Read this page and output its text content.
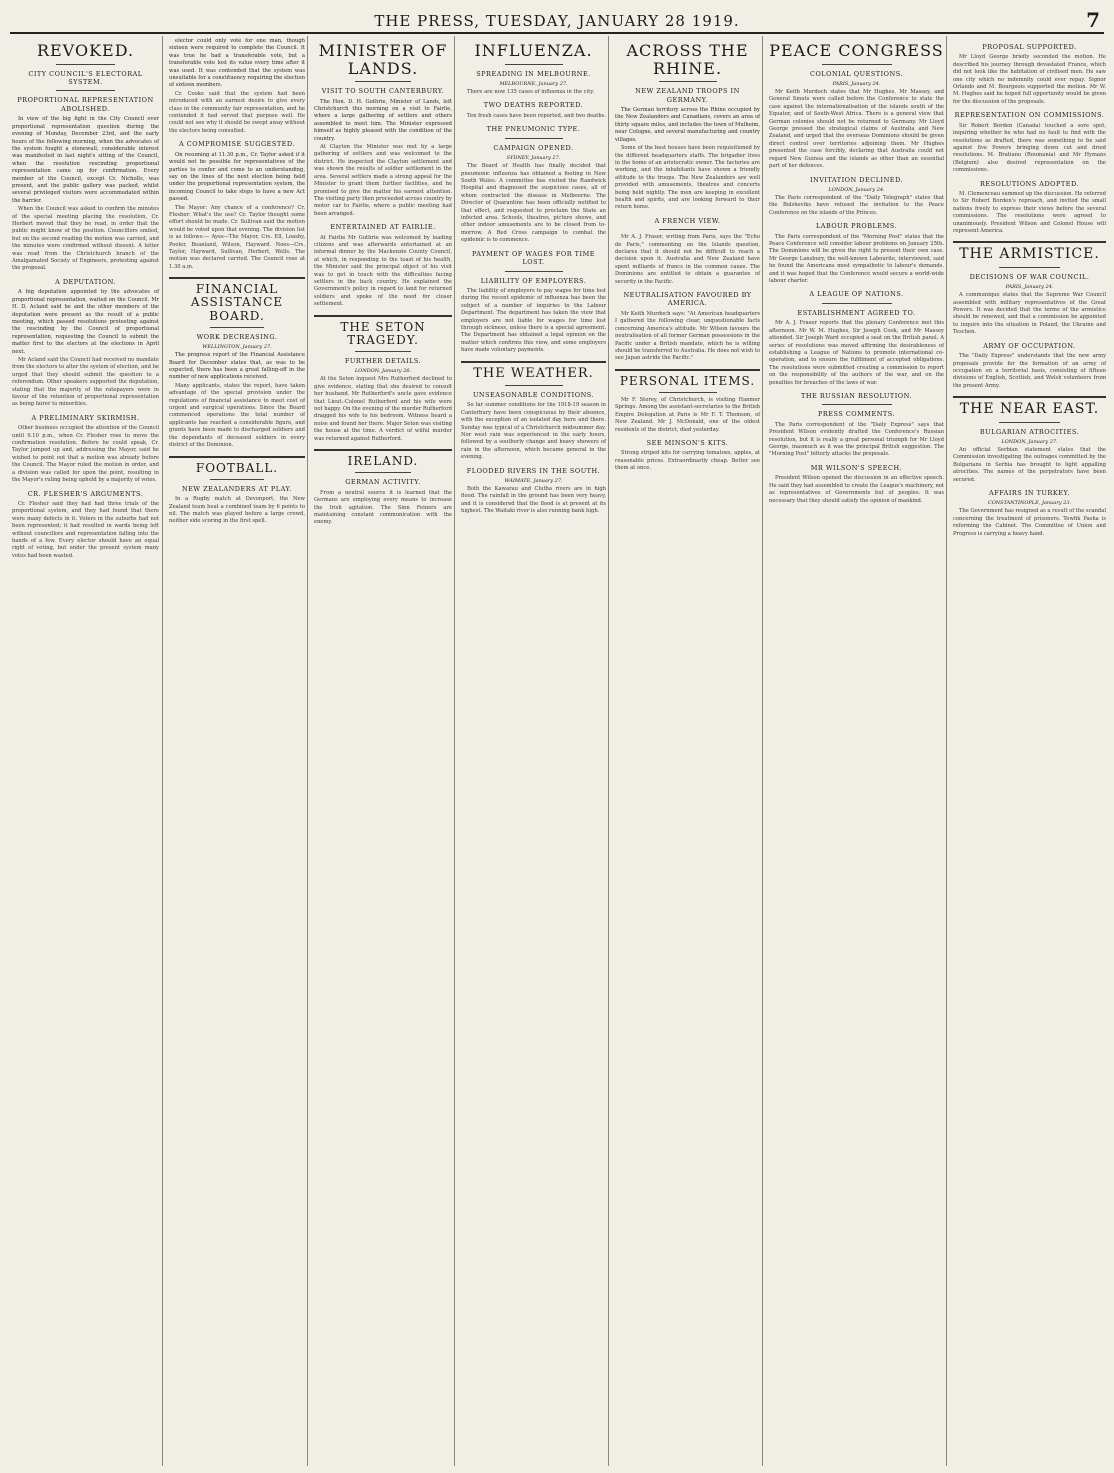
THE PRESS, TUESDAY, JANUARY 28 1919.	7
REVOKED.
CITY COUNCIL'S ELECTORAL SYSTEM.
PROPORTIONAL REPRESENTATION ABOLISHED.

In view of the big fight in the City Council over proportional representation question during the evening of Monday, December 23rd, and the early hours of the following morning, when the advocates of the system fought a stonewall, considerable interest was manifested in last night's sitting of the Council, when the resolution rescinding proportional representation came up for confirmation. Every member of the Council, except Cr. Nicholls, was present, and the public gallery was packed, whilst several privileged visitors were accommodated within the barrier.

When the Council was asked to confirm the minutes of the special meeting placing the resolution, Cr. Herbert moved that they be read, in order that the public might know of the position. Councillors smiled, but on the second reading the motion was carried, and the minutes were confirmed without dissent. A letter was read from the Christchurch branch of the Amalgamated Society of Engineers, protesting against the proposal.

A DEPUTATION.

A big deputation appointed by the advocates of proportional representation, waited on the Council. Mr H. D. Acland said he and the other members of the deputation were present as the result of a public meeting, which passed resolutions protesting against the rescinding by the Council of proportional representation, requesting the Council to submit the matter first to the electors at the elections in April next.

Mr Acland said the Council had received no mandate from the electors to alter the system of election, and he urged that they should submit the question to a referendum. Other speakers supported the deputation, stating that the majority of the ratepayers were in favour of the retention of proportional representation as being fairer to minorities.

A PRELIMINARY SKIRMISH.

Other business occupied the attention of the Council until 9.10 p.m., when Cr. Flesher rose to move the confirmation resolution. Before he could speak, Cr. Taylor jumped up and, addressing the Mayor, said he wished to point out that a motion was already before the Council. The Mayor ruled the motion in order, and a division was called for upon the point, resulting in the Mayor's ruling being upheld by a majority of votes.

CR. FLESHER'S ARGUMENTS.

Cr. Flesher said they had had three trials of the proportional system, and they had found that there were many defects in it. Voters in the suburbs had not been represented; it had resulted in wards being left without councillors and representation falling into the hands of a few. Every elector should have an equal right of voting, but under the present system many votes had been wasted.

elector could only vote for one man, though sixteen were required to complete the Council. It was true he had a transferable vote, but a transferable vote lost its value every time after it was used. It was contended that the system was unsuitable for a constituency requiring the election of sixteen members.

Cr. Cooke said that the system had been introduced with an earnest desire to give every class in the community fair representation, and he contended it had served that purpose well. He could not see why it should be swept away without the electors being consulted.

A COMPROMISE SUGGESTED.

On resuming at 11.30 p.m., Cr. Taylor asked if it would not be possible for representatives of the parties to confer and come to an understanding, say on the lines of the next election being held under the proportional representation system, the incoming Council to take steps to have a new Act passed.

The Mayor: Any chance of a conference? Cr. Flesher: What's the use? Cr. Taylor thought some effort should be made. Cr. Sullivan said the motion would be voted upon that evening. The division list is as follows:— Ayes—The Mayor, Crs. Ell, Loasby, Pooler, Beanland, Wilson, Hayward. Noes—Crs. Taylor, Hayward, Sullivan, Herbert, Wells. The motion was declared carried. The Council rose at 1.30 a.m.

FINANCIAL ASSISTANCE BOARD.
WORK DECREASING.
WELLINGTON, January 27.

The progress report of the Financial Assistance Board for December states that, as was to be expected, there has been a great falling-off in the number of new applications received.

Many applicants, states the report, have taken advantage of the special provision under the regulations of financial assistance to meet cost of urgent and surgical operations. Since the Board commenced operations the total number of applicants has reached a considerable figure, and grants have been made to discharged soldiers and the dependants of deceased soldiers in every district of the Dominion.

FOOTBALL.
NEW ZEALANDERS AT PLAY.

In a Rugby match at Devonport, the New Zealand team beat a combined team by 6 points to nil. The match was played before a large crowd, neither side scoring in the first spell.

MINISTER OF LANDS.
VISIT TO SOUTH CANTERBURY.

The Hon. D. H. Guthrie, Minister of Lands, left Christchurch this morning on a visit to Fairlie, where a large gathering of settlers and others assembled to meet him. The Minister expressed himself as highly pleased with the condition of the country.

At Clayton the Minister was met by a large gathering of settlers and was welcomed to the district. He inspected the Clayton settlement and was shown the results of soldier settlement in the area. Several settlers made a strong appeal for the Minister to grant them further facilities, and he promised to give the matter his earnest attention. The visiting party then proceeded across country by motor car to Fairlie, where a public meeting had been arranged.

ENTERTAINED AT FAIRLIE.

At Fairlie Mr Guthrie was welcomed by leading citizens and was afterwards entertained at an informal dinner by the Mackenzie County Council, at which, in responding to the toast of his health, the Minister said the principal object of his visit was to get in touch with the difficulties facing settlers in the back country. He explained the Government's policy in regard to land for returned soldiers and spoke of the need for closer settlement.

THE SETON TRAGEDY.
FURTHER DETAILS.
LONDON, January 26.

At the Seton inquest Mrs Rutherford declined to give evidence, stating that she desired to consult her husband. Mr Rutherford's uncle gave evidence that Lieut.-Colonel Rutherford and his wife were not happy. On the evening of the murder Rutherford dragged his wife to his bedroom. Witness heard a noise and found her there. Major Seton was visiting the house at the time. A verdict of wilful murder was returned against Rutherford.

IRELAND.
GERMAN ACTIVITY.

From a neutral source it is learned that the Germans are employing every means to increase the Irish agitation. The Sinn Feiners are maintaining constant communication with the enemy.

INFLUENZA.
SPREADING IN MELBOURNE.
MELBOURNE, January 27.

There are now 135 cases of influenza in the city.

TWO DEATHS REPORTED.

Ten fresh cases have been reported, and two deaths.

THE PNEUMONIC TYPE.
CAMPAIGN OPENED.
SYDNEY, January 27.

The Board of Health has finally decided that pneumonic influenza has obtained a footing in New South Wales. A committee has visited the Randwick Hospital and diagnosed the suspicious cases, all of whom contracted the disease in Melbourne. The Director of Quarantine has been officially notified to that effect, and requested to proclaim the State an infected area. Schools, theatres, picture shows, and other indoor amusements are to be closed from to-morrow. A Red Cross campaign to combat the epidemic is to commence.

PAYMENT OF WAGES FOR TIME LOST.
LIABILITY OF EMPLOYERS.

The liability of employers to pay wages for time lost during the recent epidemic of influenza has been the subject of a number of inquiries to the Labour Department. The department has taken the view that employers are not liable for wages for time lost through sickness, unless there is a special agreement. The Department has obtained a legal opinion on the matter which confirms this view, and some employers have made voluntary payments.

THE WEATHER.
UNSEASONABLE CONDITIONS.

So far summer conditions for the 1918-19 season in Canterbury have been conspicuous by their absence, with the exception of an isolated day here and there. Sunday was typical of a Christchurch midsummer day. Nor west rain was experienced in the early hours, followed by a southerly change and heavy showers of rain in the afternoon, which became general in the evening.

FLOODED RIVERS IN THE SOUTH.
WAIMATE, January 27.

Both the Kawarau and Clutha rivers are in high flood. The rainfall in the ground has been very heavy, and it is considered that the flood is at present at its highest. The Waitaki river is also running bank high.

ACROSS THE RHINE.
NEW ZEALAND TROOPS IN GERMANY.

The German territory across the Rhine occupied by the New Zealanders and Canadians, covers an area of thirty square miles, and includes the town of Mulheim, near Cologne, and several manufacturing and country villages.

Some of the best houses have been requisitioned by the different headquarters staffs. The brigadier lives in the home of an aristocratic owner. The factories are working, and the inhabitants have shown a friendly attitude to the troops. The New Zealanders are well provided with amusements, theatres and concerts being held nightly. The men are keeping in excellent health and spirits, and are looking forward to their return home.

A FRENCH VIEW.

Mr A. J. Fraser, writing from Paris, says the "Echo de Paris," commenting on the Islands question, declares that it should not be difficult to reach a decision upon it. Australia and New Zealand have spent milliards of francs in the common cause. The Dominions are entitled to obtain a guarantee of security in the Pacific.

NEUTRALISATION FAVOURED BY AMERICA.

Mr Keith Murdoch says: "At American headquarters I gathered the following clear, unquestionable facts concerning America's attitude. Mr Wilson favours the neutralisation of all former German possessions in the Pacific under a British mandate, which he is willing should be transferred to Australia. He does not wish to see Japan astride the Pacific."

PERSONAL ITEMS.

Mr F. Storey, of Christchurch, is visiting Hanmer Springs. Among the assistant-secretaries to the British Empire Delegation at Paris is Mr F. T. Thomson, of New Zealand. Mr J. McDonald, one of the oldest residents of the district, died yesterday.

SEE MINSON'S KITS.

Strong striped kits for carrying tomatoes, apples, at reasonable prices. Extraordinarily cheap. Better see them at once.

PEACE CONGRESS
COLONIAL QUESTIONS.
PARIS, January 24.

Mr Keith Murdoch states that Mr Hughes, Mr Massey, and General Smuts were called before the Conference to state the case against the internationalisation of the islands south of the Equator, and of South-West Africa. There is a general view that German colonies should not be returned to Germany. Mr Lloyd George pressed the strategical claims of Australia and New Zealand, and urged that the overseas Dominions should be given direct control over territories adjoining them. Mr Hughes presented the case forcibly, declaring that Australia could not regard New Guinea and the islands as other than an essential part of her defences.

INVITATION DECLINED.
LONDON, January 24.

The Paris correspondent of the "Daily Telegraph" states that the Bolsheviks have refused the invitation to the Peace Conference on the islands of the Princes.

LABOUR PROBLEMS.

The Paris correspondent of the "Morning Post" states that the Peace Conference will consider labour problems on January 25th. The Dominions will be given the right to present their own case. Mr George Lansbury, the well-known Labourite, interviewed, said he found the Americans most sympathetic to labour's demands, and it was hoped that the Conference would secure a world-wide labour charter.

A LEAGUE OF NATIONS.
ESTABLISHMENT AGREED TO.

Mr A. J. Fraser reports that the plenary Conference met this afternoon. Mr W. M. Hughes, Sir Joseph Cook, and Mr Massey attended. Sir Joseph Ward occupied a seat on the British panel. A series of resolutions was moved affirming the desirableness of establishing a League of Nations to promote international co-operation, and to ensure the fulfilment of accepted obligations. The resolutions were submitted creating a commission to report on the responsibility of the authors of the war, and on the penalties for breaches of the laws of war.

THE RUSSIAN RESOLUTION.
PRESS COMMENTS.

The Paris correspondent of the "Daily Express" says that President Wilson evidently drafted the Conference's Russian resolution, but it is really a great personal triumph for Mr Lloyd George, inasmuch as it was the principal British suggestion. The "Morning Post" bitterly attacks the proposals.

MR WILSON'S SPEECH.

President Wilson opened the discussion in an effective speech. He said they had assembled to create the League's machinery, not as representatives of Governments but of peoples. It was necessary that they should satisfy the opinion of mankind.

PROPOSAL SUPPORTED.

Mr Lloyd George briefly seconded the motion. He described his journey through devastated France, which did not look like the habitation of civilised men. He saw one city which no indemnity could ever repay. Signor Orlando and M. Bourgeois supported the motion. Mr W. M. Hughes said he hoped full opportunity would be given for the discussion of the proposals.

REPRESENTATION ON COMMISSIONS.

Sir Robert Borden (Canada) touched a sore spot, inquiring whether he who had no fault to find with the resolutions as drafted, there was something to be said against five Powers bringing down cut and dried resolutions. M. Bratiano (Roumania) and Mr Hymans (Belgium) also desired representation on the commissions.

RESOLUTIONS ADOPTED.

M. Clemenceau summed up the discussion. He referred to Sir Robert Borden's reproach, and invited the small nations freely to express their views before the several commissions. The resolutions were agreed to unanimously. President Wilson and Colonel House will represent America.

THE ARMISTICE.
DECISIONS OF WAR COUNCIL.
PARIS, January 24.

A communique states that the Supreme War Council assembled with military representatives of the Great Powers. It was decided that the terms of the armistice should be renewed, and that a commission be appointed to inquire into the situation in Poland, the Ukraine and Teschen.

ARMY OF OCCUPATION.

The "Daily Express" understands that the new army proposals provide for the formation of an army of occupation on a territorial basis, consisting of fifteen divisions of English, Scottish, and Welsh volunteers from the present Army.

THE NEAR EAST.
BULGARIAN ATROCITIES.
LONDON, January 27.

An official Serbian statement states that the Commission investigating the outrages committed by the Bulgarians in Serbia has brought to light appalling atrocities. The names of the perpetrators have been secured.

AFFAIRS IN TURKEY.
CONSTANTINOPLE, January 23.

The Government has resigned as a result of the scandal concerning the treatment of prisoners. Tewfik Pasha is reforming the Cabinet. The Committee of Union and Progress is carrying a heavy hand.
